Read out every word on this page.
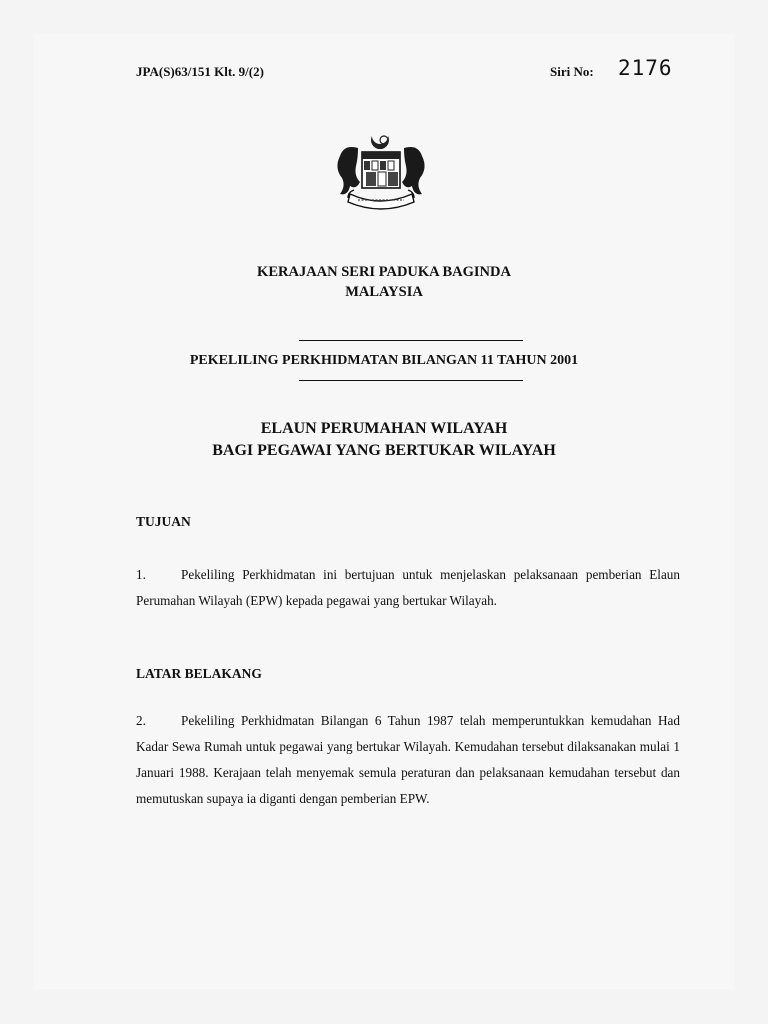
JPA(S)63/151 Klt. 9/(2)	Siri No: 2176
KERAJAAN SERI PADUKA BAGINDA
MALAYSIA
PEKELILING PERKHIDMATAN BILANGAN 11 TAHUN 2001
ELAUN PERUMAHAN WILAYAH
BAGI PEGAWAI YANG BERTUKAR WILAYAH
TUJUAN
1.	Pekeliling Perkhidmatan ini bertujuan untuk menjelaskan pelaksanaan pemberian Elaun Perumahan Wilayah (EPW) kepada pegawai yang bertukar Wilayah.
LATAR BELAKANG
2.	Pekeliling Perkhidmatan Bilangan 6 Tahun 1987 telah memperuntukkan kemudahan Had Kadar Sewa Rumah untuk pegawai yang bertukar Wilayah. Kemudahan tersebut dilaksanakan mulai 1 Januari 1988. Kerajaan telah menyemak semula peraturan dan pelaksanaan kemudahan tersebut dan memutuskan supaya ia diganti dengan pemberian EPW.
